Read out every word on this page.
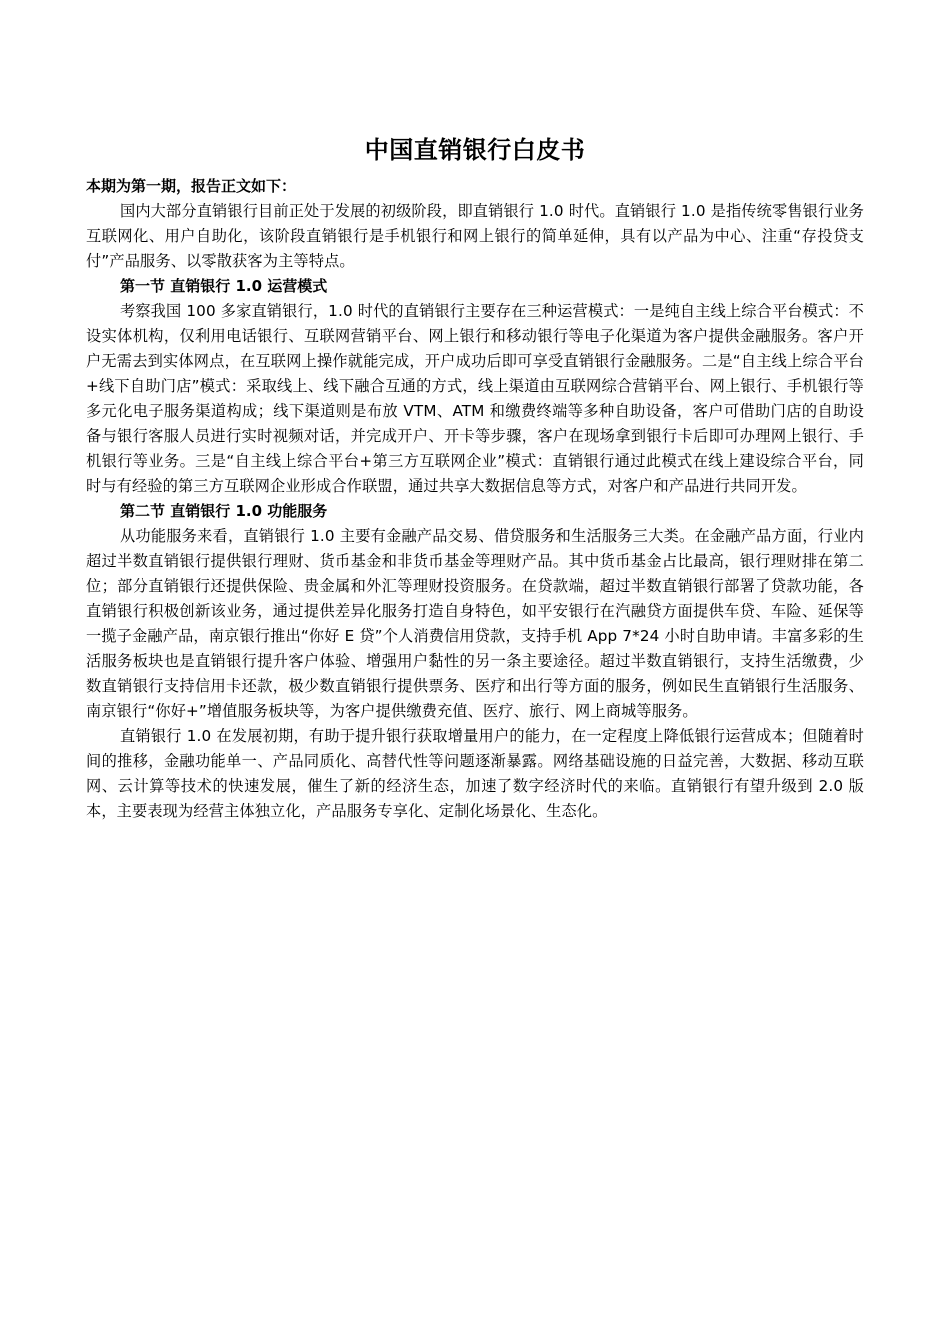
中国直销银行白皮书

本期为第一期，报告正文如下：

国内大部分直销银行目前正处于发展的初级阶段，即直销银行 1.0 时代。直销银行 1.0 是指传统零售银行业务互联网化、用户自助化，该阶段直销银行是手机银行和网上银行的简单延伸，具有以产品为中心、注重“存投贷支付”产品服务、以零散获客为主等特点。

第一节 直销银行 1.0 运营模式

考察我国 100 多家直销银行，1.0 时代的直销银行主要存在三种运营模式：一是纯自主线上综合平台模式：不设实体机构，仅利用电话银行、互联网营销平台、网上银行和移动银行等电子化渠道为客户提供金融服务。客户开户无需去到实体网点，在互联网上操作就能完成，开户成功后即可享受直销银行金融服务。二是“自主线上综合平台+线下自助门店”模式：采取线上、线下融合互通的方式，线上渠道由互联网综合营销平台、网上银行、手机银行等多元化电子服务渠道构成；线下渠道则是布放 VTM、ATM 和缴费终端等多种自助设备，客户可借助门店的自助设备与银行客服人员进行实时视频对话，并完成开户、开卡等步骤，客户在现场拿到银行卡后即可办理网上银行、手机银行等业务。三是“自主线上综合平台+第三方互联网企业”模式：直销银行通过此模式在线上建设综合平台，同时与有经验的第三方互联网企业形成合作联盟，通过共享大数据信息等方式，对客户和产品进行共同开发。

第二节 直销银行 1.0 功能服务

从功能服务来看，直销银行 1.0 主要有金融产品交易、借贷服务和生活服务三大类。在金融产品方面，行业内超过半数直销银行提供银行理财、货币基金和非货币基金等理财产品。其中货币基金占比最高，银行理财排在第二位；部分直销银行还提供保险、贵金属和外汇等理财投资服务。在贷款端，超过半数直销银行部署了贷款功能，各直销银行积极创新该业务，通过提供差异化服务打造自身特色，如平安银行在汽融贷方面提供车贷、车险、延保等一揽子金融产品，南京银行推出“你好 E 贷”个人消费信用贷款，支持手机 App 7*24 小时自助申请。丰富多彩的生活服务板块也是直销银行提升客户体验、增强用户黏性的另一条主要途径。超过半数直销银行，支持生活缴费，少数直销银行支持信用卡还款，极少数直销银行提供票务、医疗和出行等方面的服务，例如民生直销银行生活服务、南京银行“你好+”增值服务板块等，为客户提供缴费充值、医疗、旅行、网上商城等服务。

直销银行 1.0 在发展初期，有助于提升银行获取增量用户的能力，在一定程度上降低银行运营成本；但随着时间的推移，金融功能单一、产品同质化、高替代性等问题逐渐暴露。网络基础设施的日益完善，大数据、移动互联网、云计算等技术的快速发展，催生了新的经济生态，加速了数字经济时代的来临。直销银行有望升级到 2.0 版本，主要表现为经营主体独立化，产品服务专享化、定制化场景化、生态化。
